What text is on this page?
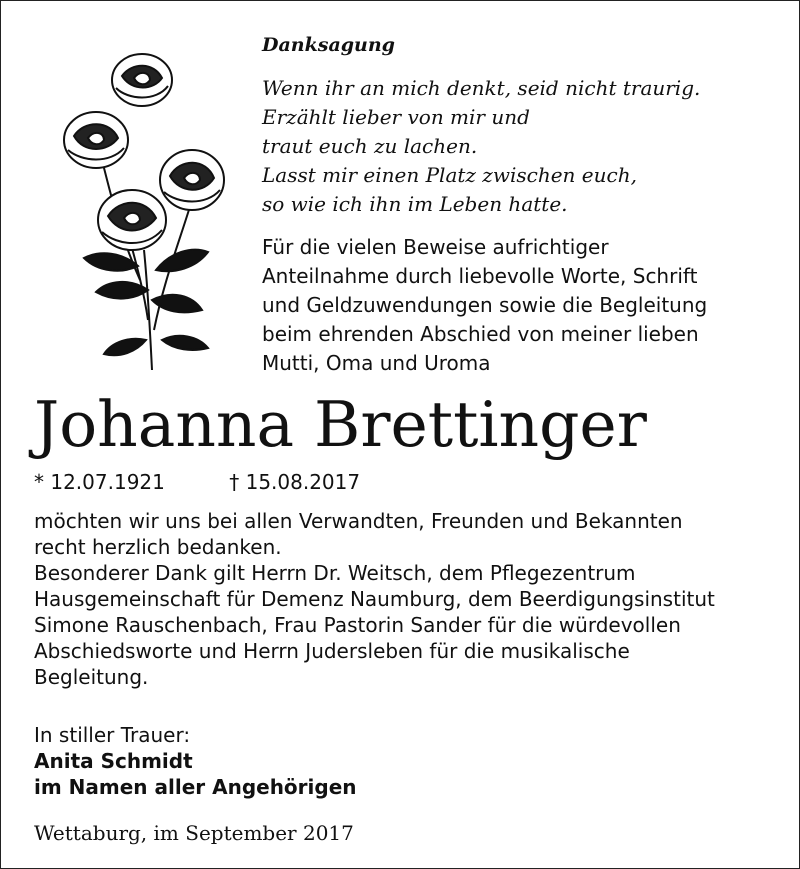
Danksagung
Wenn ihr an mich denkt, seid nicht traurig.
Erzählt lieber von mir und
traut euch zu lachen.
Lasst mir einen Platz zwischen euch,
so wie ich ihn im Leben hatte.
Für die vielen Beweise aufrichtiger
Anteilnahme durch liebevolle Worte, Schrift
und Geldzuwendungen sowie die Begleitung
beim ehrenden Abschied von meiner lieben
Mutti, Oma und Uroma
Johanna Brettinger
* 12.07.1921	† 15.08.2017
möchten wir uns bei allen Verwandten, Freunden und Bekannten
recht herzlich bedanken.
Besonderer Dank gilt Herrn Dr. Weitsch, dem Pflegezentrum
Hausgemeinschaft für Demenz Naumburg, dem Beerdigungsinstitut
Simone Rauschenbach, Frau Pastorin Sander für die würdevollen
Abschiedsworte und Herrn Judersleben für die musikalische
Begleitung.
In stiller Trauer:
Anita Schmidt
im Namen aller Angehörigen
Wettaburg, im September 2017
